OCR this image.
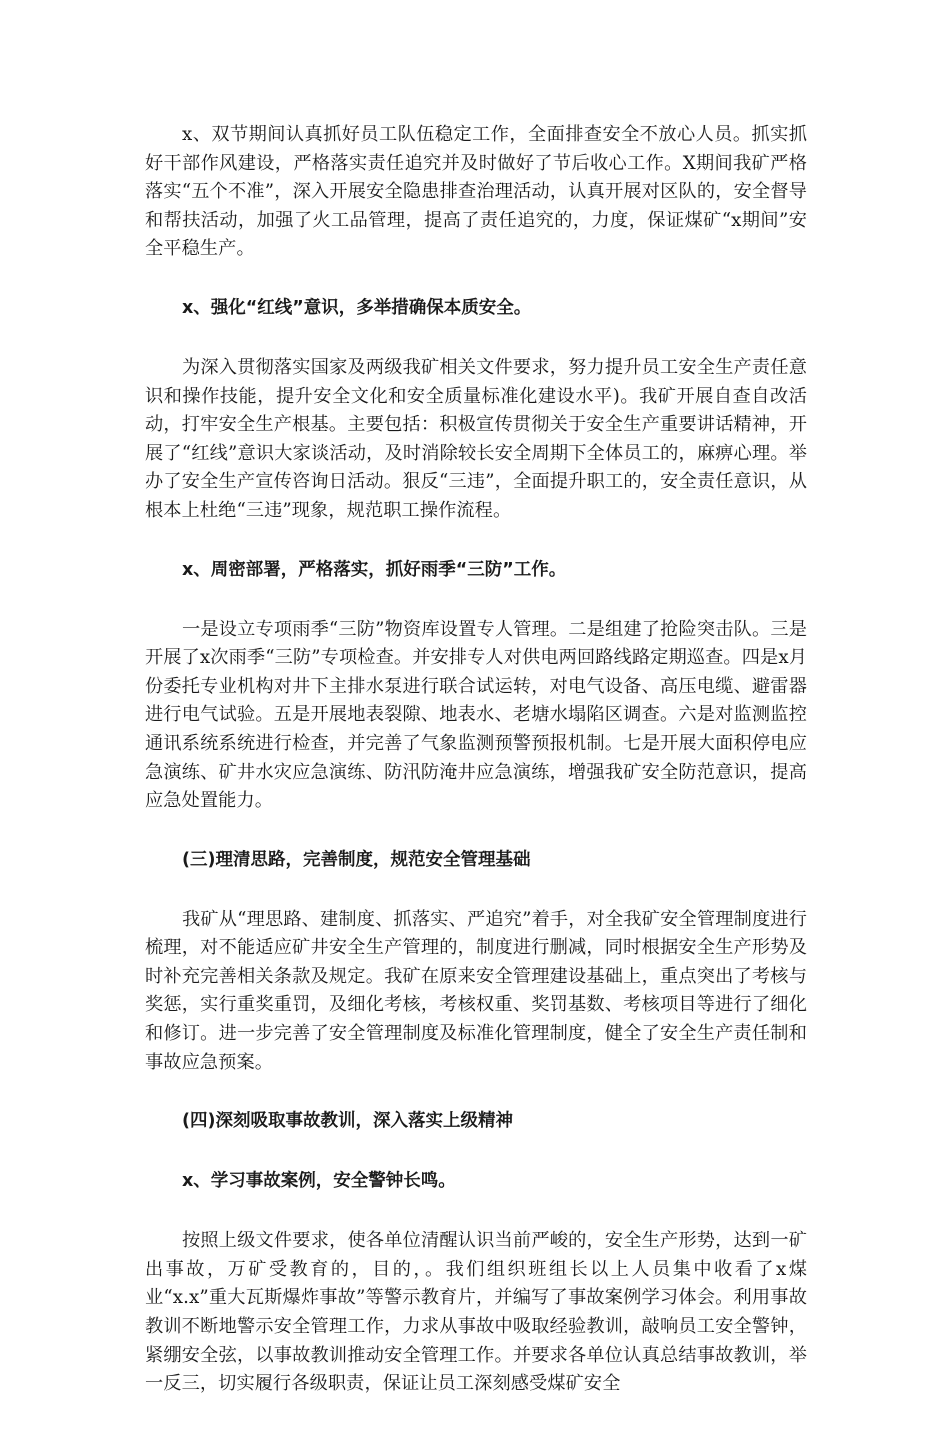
x、双节期间认真抓好员工队伍稳定工作，全面排查安全不放心人员。抓实抓好干部作风建设，严格落实责任追究并及时做好了节后收心工作。X期间我矿严格落实“五个不准”，深入开展安全隐患排查治理活动，认真开展对区队的，安全督导和帮扶活动，加强了火工品管理，提高了责任追究的，力度，保证煤矿“x期间”安全平稳生产。

x、强化“红线”意识，多举措确保本质安全。

为深入贯彻落实国家及两级我矿相关文件要求，努力提升员工安全生产责任意识和操作技能，提升安全文化和安全质量标准化建设水平)。我矿开展自查自改活动，打牢安全生产根基。主要包括：积极宣传贯彻关于安全生产重要讲话精神，开展了“红线”意识大家谈活动，及时消除较长安全周期下全体员工的，麻痹心理。举办了安全生产宣传咨询日活动。狠反“三违”，全面提升职工的，安全责任意识，从根本上杜绝“三违”现象，规范职工操作流程。

x、周密部署，严格落实，抓好雨季“三防”工作。

一是设立专项雨季“三防”物资库设置专人管理。二是组建了抢险突击队。三是开展了x次雨季“三防”专项检查。并安排专人对供电两回路线路定期巡查。四是x月份委托专业机构对井下主排水泵进行联合试运转，对电气设备、高压电缆、避雷器进行电气试验。五是开展地表裂隙、地表水、老塘水塌陷区调查。六是对监测监控通讯系统系统进行检查，并完善了气象监测预警预报机制。七是开展大面积停电应急演练、矿井水灾应急演练、防汛防淹井应急演练，增强我矿安全防范意识，提高应急处置能力。

(三)理清思路，完善制度，规范安全管理基础

我矿从“理思路、建制度、抓落实、严追究”着手，对全我矿安全管理制度进行梳理，对不能适应矿井安全生产管理的，制度进行删减，同时根据安全生产形势及时补充完善相关条款及规定。我矿在原来安全管理建设基础上，重点突出了考核与奖惩，实行重奖重罚，及细化考核，考核权重、奖罚基数、考核项目等进行了细化和修订。进一步完善了安全管理制度及标准化管理制度，健全了安全生产责任制和事故应急预案。

(四)深刻吸取事故教训，深入落实上级精神

x、学习事故案例，安全警钟长鸣。

按照上级文件要求，使各单位清醒认识当前严峻的，安全生产形势，达到一矿出事故，万矿受教育的，目的，。我们组织班组长以上人员集中收看了x煤业“x.x”重大瓦斯爆炸事故”等警示教育片，并编写了事故案例学习体会。利用事故教训不断地警示安全管理工作，力求从事故中吸取经验教训，敲响员工安全警钟，紧绷安全弦，以事故教训推动安全管理工作。并要求各单位认真总结事故教训，举一反三，切实履行各级职责，保证让员工深刻感受煤矿安全
